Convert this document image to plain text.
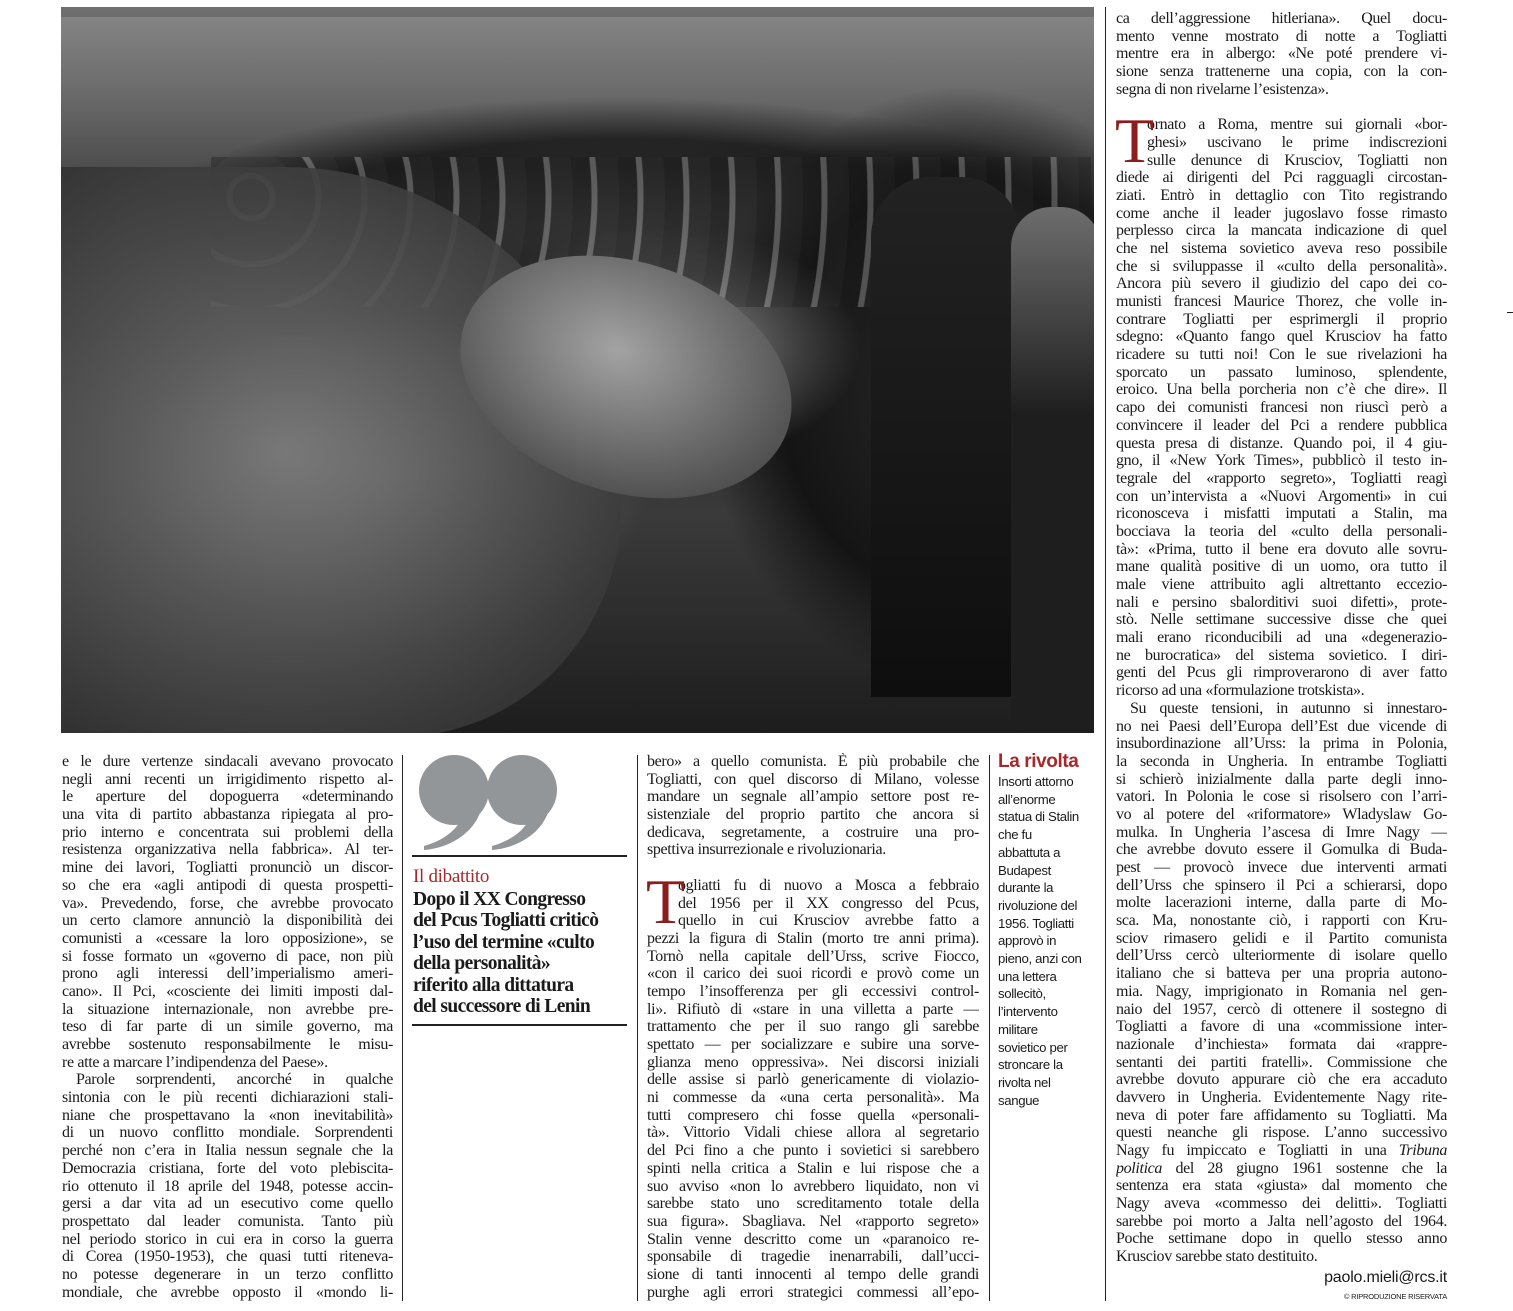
e le dure vertenze sindacali avevano provocato
negli anni recenti un irrigidimento rispetto al-
le aperture del dopoguerra «determinando
una vita di partito abbastanza ripiegata al pro-
prio interno e concentrata sui problemi della
resistenza organizzativa nella fabbrica». Al ter-
mine dei lavori, Togliatti pronunciò un discor-
so che era «agli antipodi di questa prospetti-
va». Prevedendo, forse, che avrebbe provocato
un certo clamore annunciò la disponibilità dei
comunisti a «cessare la loro opposizione», se
si fosse formato un «governo di pace, non più
prono agli interessi dell’imperialismo ameri-
cano». Il Pci, «cosciente dei limiti imposti dal-
la situazione internazionale, non avrebbe pre-
teso di far parte di un simile governo, ma
avrebbe sostenuto responsabilmente le misu-
re atte a marcare l’indipendenza del Paese».
Parole sorprendenti, ancorché in qualche
sintonia con le più recenti dichiarazioni stali-
niane che prospettavano la «non inevitabilità»
di un nuovo conflitto mondiale. Sorprendenti
perché non c’era in Italia nessun segnale che la
Democrazia cristiana, forte del voto plebiscita-
rio ottenuto il 18 aprile del 1948, potesse accin-
gersi a dar vita ad un esecutivo come quello
prospettato dal leader comunista. Tanto più
nel periodo storico in cui era in corso la guerra
di Corea (1950-1953), che quasi tutti riteneva-
no potesse degenerare in un terzo conflitto
mondiale, che avrebbe opposto il «mondo li-
bero» a quello comunista. È più probabile che
Togliatti, con quel discorso di Milano, volesse
mandare un segnale all’ampio settore post re-
sistenziale del proprio partito che ancora si
dedicava, segretamente, a costruire una pro-
spettiva insurrezionale e rivoluzionaria.
T
ogliatti fu di nuovo a Mosca a febbraio
del 1956 per il XX congresso del Pcus,
quello in cui Krusciov avrebbe fatto a
pezzi la figura di Stalin (morto tre anni prima).
Tornò nella capitale dell’Urss, scrive Fiocco,
«con il carico dei suoi ricordi e provò come un
tempo l’insofferenza per gli eccessivi control-
li». Rifiutò di «stare in una villetta a parte —
trattamento che per il suo rango gli sarebbe
spettato — per socializzare e subire una sorve-
glianza meno oppressiva». Nei discorsi iniziali
delle assise si parlò genericamente di violazio-
ni commesse da «una certa personalità». Ma
tutti compresero chi fosse quella «personali-
tà». Vittorio Vidali chiese allora al segretario
del Pci fino a che punto i sovietici si sarebbero
spinti nella critica a Stalin e lui rispose che a
suo avviso «non lo avrebbero liquidato, non vi
sarebbe stato uno screditamento totale della
sua figura». Sbagliava. Nel «rapporto segreto»
Stalin venne descritto come un «paranoico re-
sponsabile di tragedie inenarrabili, dall’ucci-
sione di tanti innocenti al tempo delle grandi
purghe agli errori strategici commessi all’epo-
ca dell’aggressione hitleriana». Quel docu-
mento venne mostrato di notte a Togliatti
mentre era in albergo: «Ne poté prendere vi-
sione senza trattenerne una copia, con la con-
segna di non rivelarne l’esistenza».
T
ornato a Roma, mentre sui giornali «bor-
ghesi» uscivano le prime indiscrezioni
sulle denunce di Krusciov, Togliatti non
diede ai dirigenti del Pci ragguagli circostan-
ziati. Entrò in dettaglio con Tito registrando
come anche il leader jugoslavo fosse rimasto
perplesso circa la mancata indicazione di quel
che nel sistema sovietico aveva reso possibile
che si sviluppasse il «culto della personalità».
Ancora più severo il giudizio del capo dei co-
munisti francesi Maurice Thorez, che volle in-
contrare Togliatti per esprimergli il proprio
sdegno: «Quanto fango quel Krusciov ha fatto
ricadere su tutti noi! Con le sue rivelazioni ha
sporcato un passato luminoso, splendente,
eroico. Una bella porcheria non c’è che dire». Il
capo dei comunisti francesi non riuscì però a
convincere il leader del Pci a rendere pubblica
questa presa di distanze. Quando poi, il 4 giu-
gno, il «New York Times», pubblicò il testo in-
tegrale del «rapporto segreto», Togliatti reagì
con un’intervista a «Nuovi Argomenti» in cui
riconosceva i misfatti imputati a Stalin, ma
bocciava la teoria del «culto della personali-
tà»: «Prima, tutto il bene era dovuto alle sovru-
mane qualità positive di un uomo, ora tutto il
male viene attribuito agli altrettanto eccezio-
nali e persino sbalorditivi suoi difetti», prote-
stò. Nelle settimane successive disse che quei
mali erano riconducibili ad una «degenerazio-
ne burocratica» del sistema sovietico. I diri-
genti del Pcus gli rimproverarono di aver fatto
ricorso ad una «formulazione trotskista».
Su queste tensioni, in autunno si innestaro-
no nei Paesi dell’Europa dell’Est due vicende di
insubordinazione all’Urss: la prima in Polonia,
la seconda in Ungheria. In entrambe Togliatti
si schierò inizialmente dalla parte degli inno-
vatori. In Polonia le cose si risolsero con l’arri-
vo al potere del «riformatore» Wladyslaw Go-
mulka. In Ungheria l’ascesa di Imre Nagy —
che avrebbe dovuto essere il Gomulka di Buda-
pest — provocò invece due interventi armati
dell’Urss che spinsero il Pci a schierarsi, dopo
molte lacerazioni interne, dalla parte di Mo-
sca. Ma, nonostante ciò, i rapporti con Kru-
sciov rimasero gelidi e il Partito comunista
dell’Urss cercò ulteriormente di isolare quello
italiano che si batteva per una propria autono-
mia. Nagy, imprigionato in Romania nel gen-
naio del 1957, cercò di ottenere il sostegno di
Togliatti a favore di una «commissione inter-
nazionale d’inchiesta» formata dai «rappre-
sentanti dei partiti fratelli». Commissione che
avrebbe dovuto appurare ciò che era accaduto
davvero in Ungheria. Evidentemente Nagy rite-
neva di poter fare affidamento su Togliatti. Ma
questi neanche gli rispose. L’anno successivo
Nagy fu impiccato e Togliatti in una Tribuna
politica del 28 giugno 1961 sostenne che la
sentenza era stata «giusta» dal momento che
Nagy aveva «commesso dei delitti». Togliatti
sarebbe poi morto a Jalta nell’agosto del 1964.
Poche settimane dopo in quello stesso anno
Krusciov sarebbe stato destituito.
Il dibattito
Dopo il XX Congresso
del Pcus Togliatti criticò
l’uso del termine «culto
della personalità»
riferito alla dittatura
del successore di Lenin
La rivolta
Insorti attorno
all’enorme
statua di Stalin
che fu
abbattuta a
Budapest
durante la
rivoluzione del
1956. Togliatti
approvò in
pieno, anzi con
una lettera
sollecitò,
l’intervento
militare
sovietico per
stroncare la
rivolta nel
sangue
paolo.mieli@rcs.it
© RIPRODUZIONE RISERVATA
